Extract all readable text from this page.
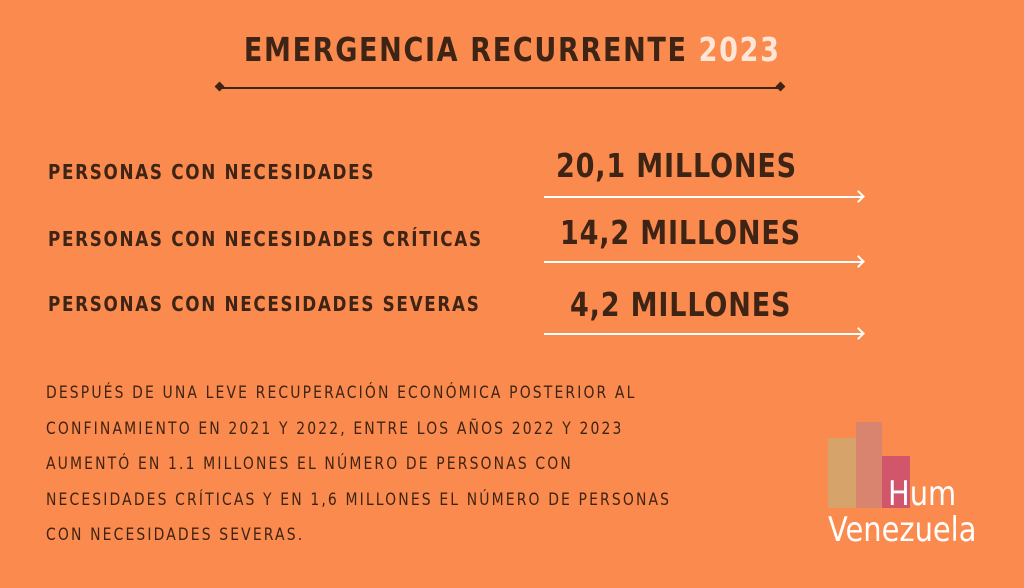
EMERGENCIA RECURRENTE 2023
PERSONAS CON NECESIDADES	20,1 MILLONES
PERSONAS CON NECESIDADES CRÍTICAS 14,2 MILLONES
PERSONAS CON NECESIDADES SEVERAS	4,2 MILLONES
DESPUÉS DE UNA LEVE RECUPERACIÓN ECONÓMICA POSTERIOR AL
CONFINAMIENTO EN 2021 Y 2022, ENTRE LOS AÑOS 2022 Y 2023
AUMENTÓ EN 1.1 MILLONES EL NÚMERO DE PERSONAS CON
NECESIDADES CRÍTICAS Y EN 1,6 MILLONES EL NÚMERO DE PERSONAS
CON NECESIDADES SEVERAS.
Hum
Venezuela
